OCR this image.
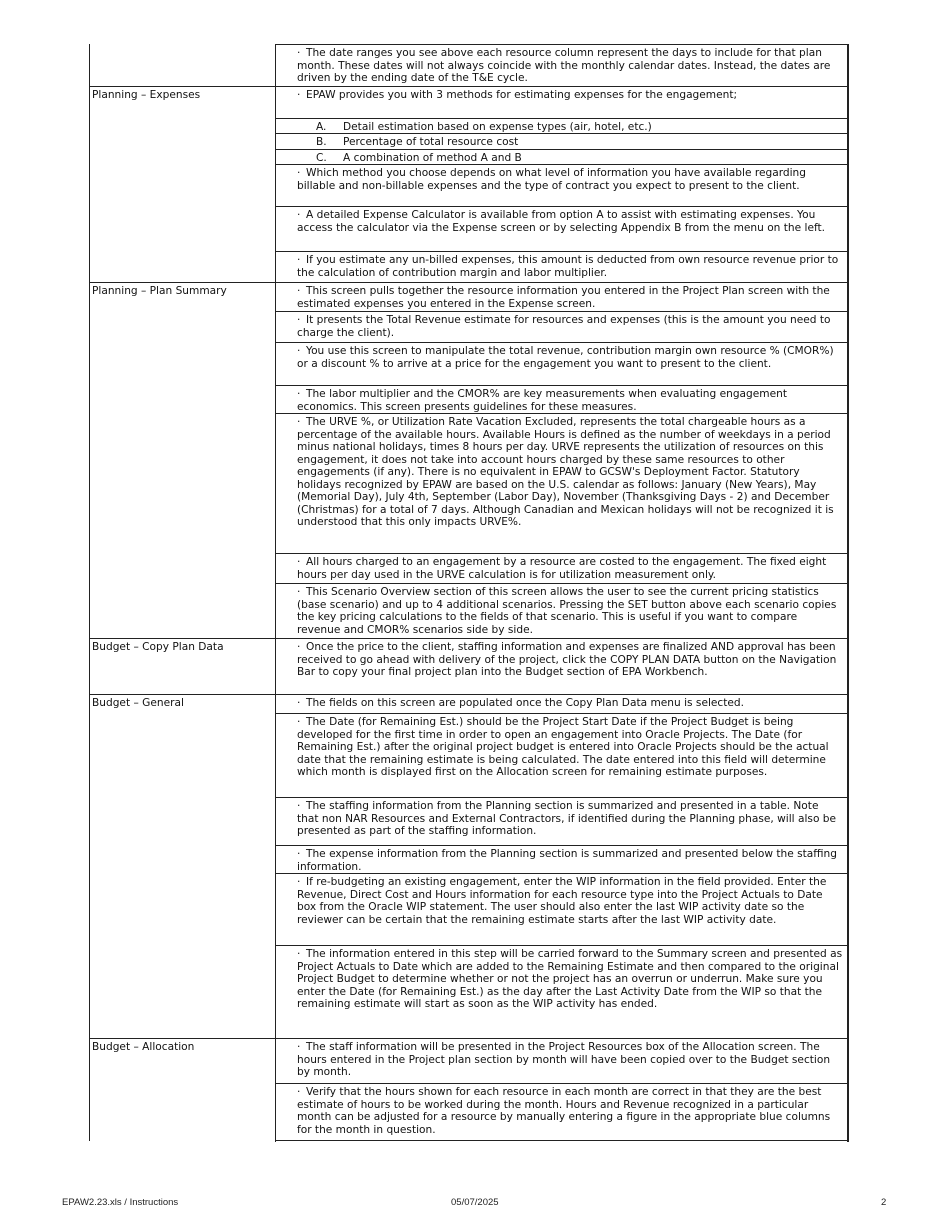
· The date ranges you see above each resource column represent the days to include for that plan month. These dates will not always coincide with the monthly calendar dates. Instead, the dates are driven by the ending date of the T&E cycle.
Planning – Expenses	· EPAW provides you with 3 methods for estimating expenses for the engagement;
A. Detail estimation based on expense types (air, hotel, etc.)
B. Percentage of total resource cost
C. A combination of method A and B
· Which method you choose depends on what level of information you have available regarding billable and non-billable expenses and the type of contract you expect to present to the client.
· A detailed Expense Calculator is available from option A to assist with estimating expenses. You access the calculator via the Expense screen or by selecting Appendix B from the menu on the left.
· If you estimate any un-billed expenses, this amount is deducted from own resource revenue prior to the calculation of contribution margin and labor multiplier.
Planning – Plan Summary	· This screen pulls together the resource information you entered in the Project Plan screen with the estimated expenses you entered in the Expense screen.
· It presents the Total Revenue estimate for resources and expenses (this is the amount you need to charge the client).
· You use this screen to manipulate the total revenue, contribution margin own resource % (CMOR%) or a discount % to arrive at a price for the engagement you want to present to the client.
· The labor multiplier and the CMOR% are key measurements when evaluating engagement economics. This screen presents guidelines for these measures.
· The URVE %, or Utilization Rate Vacation Excluded, represents the total chargeable hours as a percentage of the available hours. Available Hours is defined as the number of weekdays in a period minus national holidays, times 8 hours per day. URVE represents the utilization of resources on this engagement, it does not take into account hours charged by these same resources to other engagements (if any). There is no equivalent in EPAW to GCSW's Deployment Factor. Statutory holidays recognized by EPAW are based on the U.S. calendar as follows: January (New Years), May (Memorial Day), July 4th, September (Labor Day), November (Thanksgiving Days - 2) and December (Christmas) for a total of 7 days. Although Canadian and Mexican holidays will not be recognized it is understood that this only impacts URVE%.
· All hours charged to an engagement by a resource are costed to the engagement. The fixed eight hours per day used in the URVE calculation is for utilization measurement only.
· This Scenario Overview section of this screen allows the user to see the current pricing statistics (base scenario) and up to 4 additional scenarios. Pressing the SET button above each scenario copies the key pricing calculations to the fields of that scenario. This is useful if you want to compare revenue and CMOR% scenarios side by side.
Budget – Copy Plan Data	· Once the price to the client, staffing information and expenses are finalized AND approval has been received to go ahead with delivery of the project, click the COPY PLAN DATA button on the Navigation Bar to copy your final project plan into the Budget section of EPA Workbench.
Budget – General	· The fields on this screen are populated once the Copy Plan Data menu is selected.
· The Date (for Remaining Est.) should be the Project Start Date if the Project Budget is being developed for the first time in order to open an engagement into Oracle Projects. The Date (for Remaining Est.) after the original project budget is entered into Oracle Projects should be the actual date that the remaining estimate is being calculated. The date entered into this field will determine which month is displayed first on the Allocation screen for remaining estimate purposes.
· The staffing information from the Planning section is summarized and presented in a table. Note that non NAR Resources and External Contractors, if identified during the Planning phase, will also be presented as part of the staffing information.
· The expense information from the Planning section is summarized and presented below the staffing information.
· If re-budgeting an existing engagement, enter the WIP information in the field provided. Enter the Revenue, Direct Cost and Hours information for each resource type into the Project Actuals to Date box from the Oracle WIP statement. The user should also enter the last WIP activity date so the reviewer can be certain that the remaining estimate starts after the last WIP activity date.
· The information entered in this step will be carried forward to the Summary screen and presented as Project Actuals to Date which are added to the Remaining Estimate and then compared to the original Project Budget to determine whether or not the project has an overrun or underrun. Make sure you enter the Date (for Remaining Est.) as the day after the Last Activity Date from the WIP so that the remaining estimate will start as soon as the WIP activity has ended.
Budget – Allocation	· The staff information will be presented in the Project Resources box of the Allocation screen. The hours entered in the Project plan section by month will have been copied over to the Budget section by month.
· Verify that the hours shown for each resource in each month are correct in that they are the best estimate of hours to be worked during the month. Hours and Revenue recognized in a particular month can be adjusted for a resource by manually entering a figure in the appropriate blue columns for the month in question.
EPAW2.23.xls / Instructions	05/07/2025	2
